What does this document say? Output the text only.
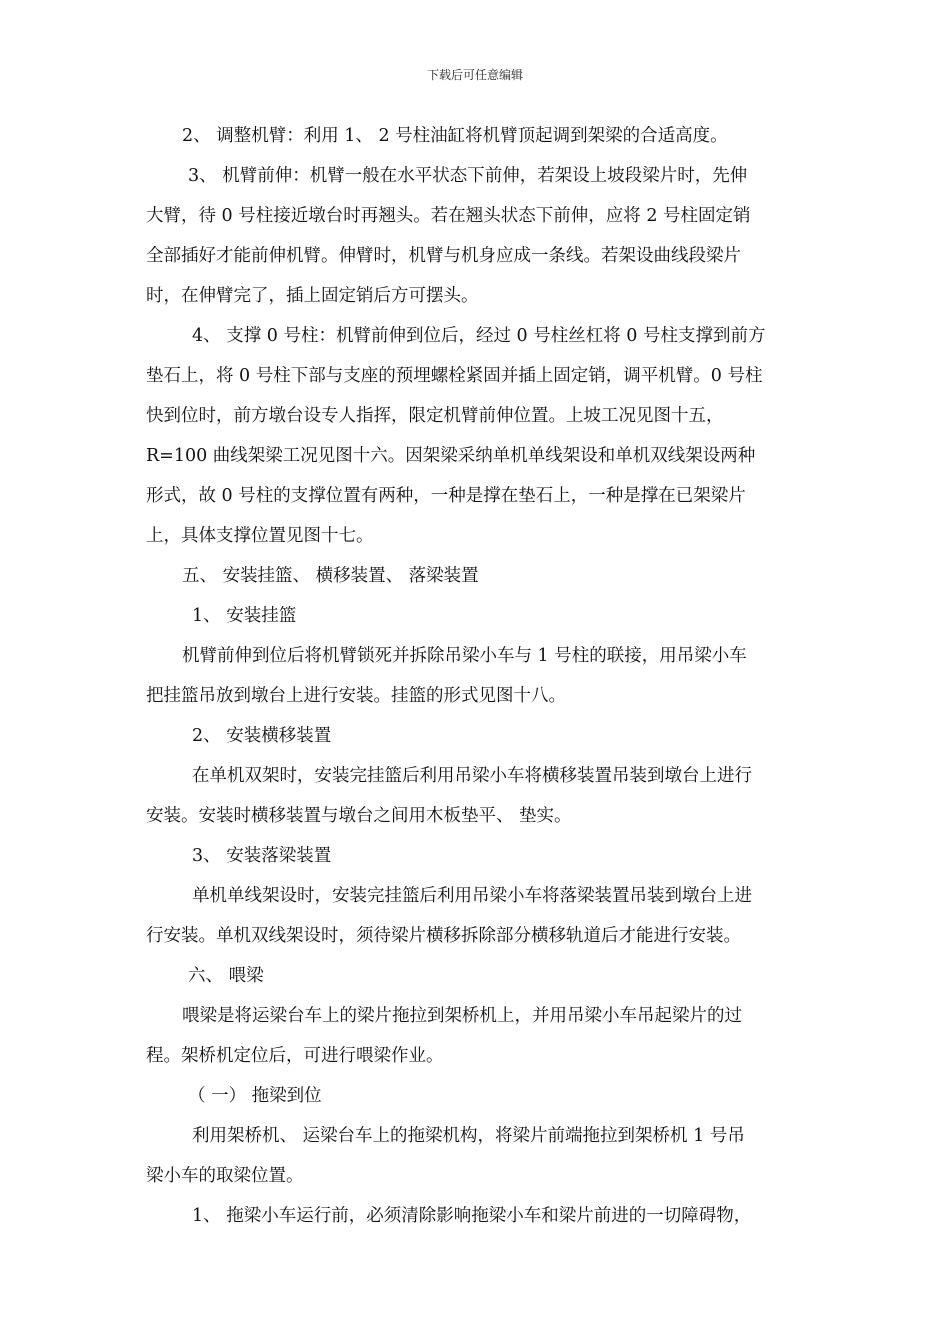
下载后可任意编辑
2、 调整机臂：利用 1、 2 号柱油缸将机臂顶起调到架梁的合适高度。
3、 机臂前伸：机臂一般在水平状态下前伸，若架设上坡段梁片时，先伸
大臂，待 0 号柱接近墩台时再翘头。若在翘头状态下前伸，应将 2 号柱固定销
全部插好才能前伸机臂。伸臂时，机臂与机身应成一条线。若架设曲线段梁片
时，在伸臂完了，插上固定销后方可摆头。
4、 支撑 0 号柱：机臂前伸到位后，经过 0 号柱丝杠将 0 号柱支撑到前方
垫石上，将 0 号柱下部与支座的预埋螺栓紧固并插上固定销，调平机臂。0 号柱
快到位时，前方墩台设专人指挥，限定机臂前伸位置。上坡工况见图十五，
R=100 曲线架梁工况见图十六。因架梁采纳单机单线架设和单机双线架设两种
形式，故 0 号柱的支撑位置有两种，一种是撑在垫石上，一种是撑在已架梁片
上，具体支撑位置见图十七。
五、 安装挂篮、 横移装置、 落梁装置
1、 安装挂篮
机臂前伸到位后将机臂锁死并拆除吊梁小车与 1 号柱的联接，用吊梁小车
把挂篮吊放到墩台上进行安装。挂篮的形式见图十八。
2、 安装横移装置
在单机双架时，安装完挂篮后利用吊梁小车将横移装置吊装到墩台上进行
安装。安装时横移装置与墩台之间用木板垫平、 垫实。
3、 安装落梁装置
单机单线架设时，安装完挂篮后利用吊梁小车将落梁装置吊装到墩台上进
行安装。单机双线架设时，须待梁片横移拆除部分横移轨道后才能进行安装。
六、 喂梁
喂梁是将运梁台车上的梁片拖拉到架桥机上，并用吊梁小车吊起梁片的过
程。架桥机定位后，可进行喂梁作业。
（ 一） 拖梁到位
利用架桥机、 运梁台车上的拖梁机构，将梁片前端拖拉到架桥机 1 号吊
梁小车的取梁位置。
1、 拖梁小车运行前，必须清除影响拖梁小车和梁片前进的一切障碍物，
